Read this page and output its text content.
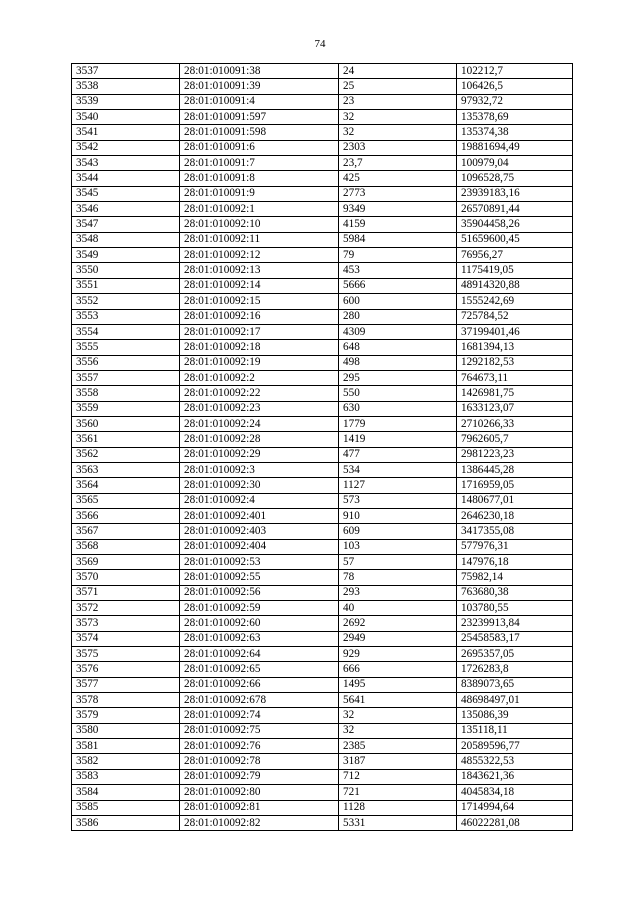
74
3537	28:01:010091:38	24	102212,7
3538	28:01:010091:39	25	106426,5
3539	28:01:010091:4	23	97932,72
3540	28:01:010091:597	32	135378,69
3541	28:01:010091:598	32	135374,38
3542	28:01:010091:6	2303	19881694,49
3543	28:01:010091:7	23,7	100979,04
3544	28:01:010091:8	425	1096528,75
3545	28:01:010091:9	2773	23939183,16
3546	28:01:010092:1	9349	26570891,44
3547	28:01:010092:10	4159	35904458,26
3548	28:01:010092:11	5984	51659600,45
3549	28:01:010092:12	79	76956,27
3550	28:01:010092:13	453	1175419,05
3551	28:01:010092:14	5666	48914320,88
3552	28:01:010092:15	600	1555242,69
3553	28:01:010092:16	280	725784,52
3554	28:01:010092:17	4309	37199401,46
3555	28:01:010092:18	648	1681394,13
3556	28:01:010092:19	498	1292182,53
3557	28:01:010092:2	295	764673,11
3558	28:01:010092:22	550	1426981,75
3559	28:01:010092:23	630	1633123,07
3560	28:01:010092:24	1779	2710266,33
3561	28:01:010092:28	1419	7962605,7
3562	28:01:010092:29	477	2981223,23
3563	28:01:010092:3	534	1386445,28
3564	28:01:010092:30	1127	1716959,05
3565	28:01:010092:4	573	1480677,01
3566	28:01:010092:401	910	2646230,18
3567	28:01:010092:403	609	3417355,08
3568	28:01:010092:404	103	577976,31
3569	28:01:010092:53	57	147976,18
3570	28:01:010092:55	78	75982,14
3571	28:01:010092:56	293	763680,38
3572	28:01:010092:59	40	103780,55
3573	28:01:010092:60	2692	23239913,84
3574	28:01:010092:63	2949	25458583,17
3575	28:01:010092:64	929	2695357,05
3576	28:01:010092:65	666	1726283,8
3577	28:01:010092:66	1495	8389073,65
3578	28:01:010092:678	5641	48698497,01
3579	28:01:010092:74	32	135086,39
3580	28:01:010092:75	32	135118,11
3581	28:01:010092:76	2385	20589596,77
3582	28:01:010092:78	3187	4855322,53
3583	28:01:010092:79	712	1843621,36
3584	28:01:010092:80	721	4045834,18
3585	28:01:010092:81	1128	1714994,64
3586	28:01:010092:82	5331	46022281,08
